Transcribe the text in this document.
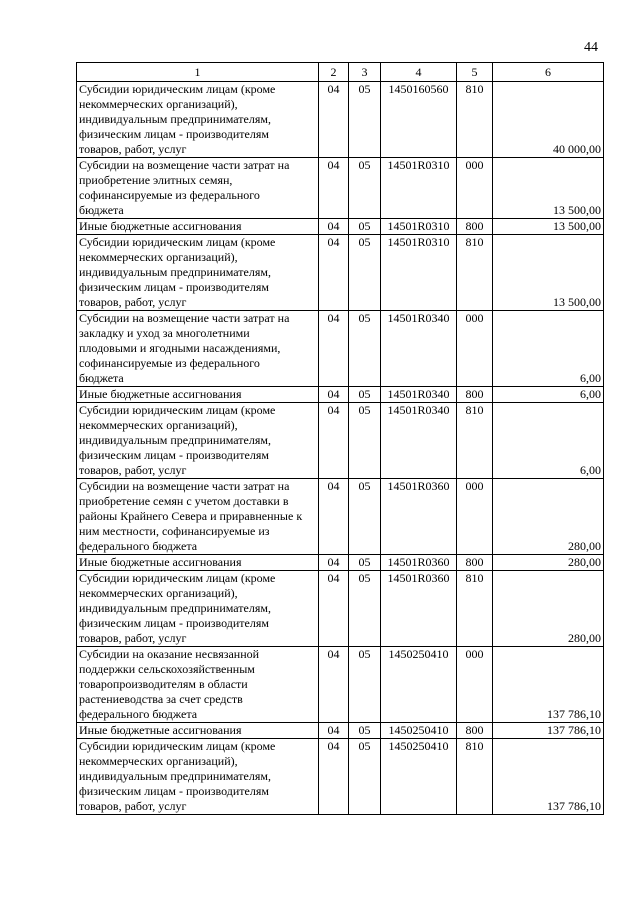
44
1	2	3	4	5	6
Субсидии юридическим лицам (кроме
некоммерческих организаций),
индивидуальным предпринимателям,
физическим лицам - производителям
товаров, работ, услуг	04	05	1450160560	810	40 000,00
Субсидии на возмещение части затрат на
приобретение элитных семян,
софинансируемые из федерального
бюджета	04	05	14501R0310	000	13 500,00
Иные бюджетные ассигнования	04	05	14501R0310	800	13 500,00
Субсидии юридическим лицам (кроме
некоммерческих организаций),
индивидуальным предпринимателям,
физическим лицам - производителям
товаров, работ, услуг	04	05	14501R0310	810	13 500,00
Субсидии на возмещение части затрат на
закладку и уход за многолетними
плодовыми и ягодными насаждениями,
софинансируемые из федерального
бюджета	04	05	14501R0340	000	6,00
Иные бюджетные ассигнования	04	05	14501R0340	800	6,00
Субсидии юридическим лицам (кроме
некоммерческих организаций),
индивидуальным предпринимателям,
физическим лицам - производителям
товаров, работ, услуг	04	05	14501R0340	810	6,00
Субсидии на возмещение части затрат на
приобретение семян с учетом доставки в
районы Крайнего Севера и приравненные к
ним местности, софинансируемые из
федерального бюджета	04	05	14501R0360	000	280,00
Иные бюджетные ассигнования	04	05	14501R0360	800	280,00
Субсидии юридическим лицам (кроме
некоммерческих организаций),
индивидуальным предпринимателям,
физическим лицам - производителям
товаров, работ, услуг	04	05	14501R0360	810	280,00
Субсидии на оказание несвязанной
поддержки сельскохозяйственным
товаропроизводителям в области
растениеводства за счет средств
федерального бюджета	04	05	1450250410	000	137 786,10
Иные бюджетные ассигнования	04	05	1450250410	800	137 786,10
Субсидии юридическим лицам (кроме
некоммерческих организаций),
индивидуальным предпринимателям,
физическим лицам - производителям
товаров, работ, услуг	04	05	1450250410	810	137 786,10
